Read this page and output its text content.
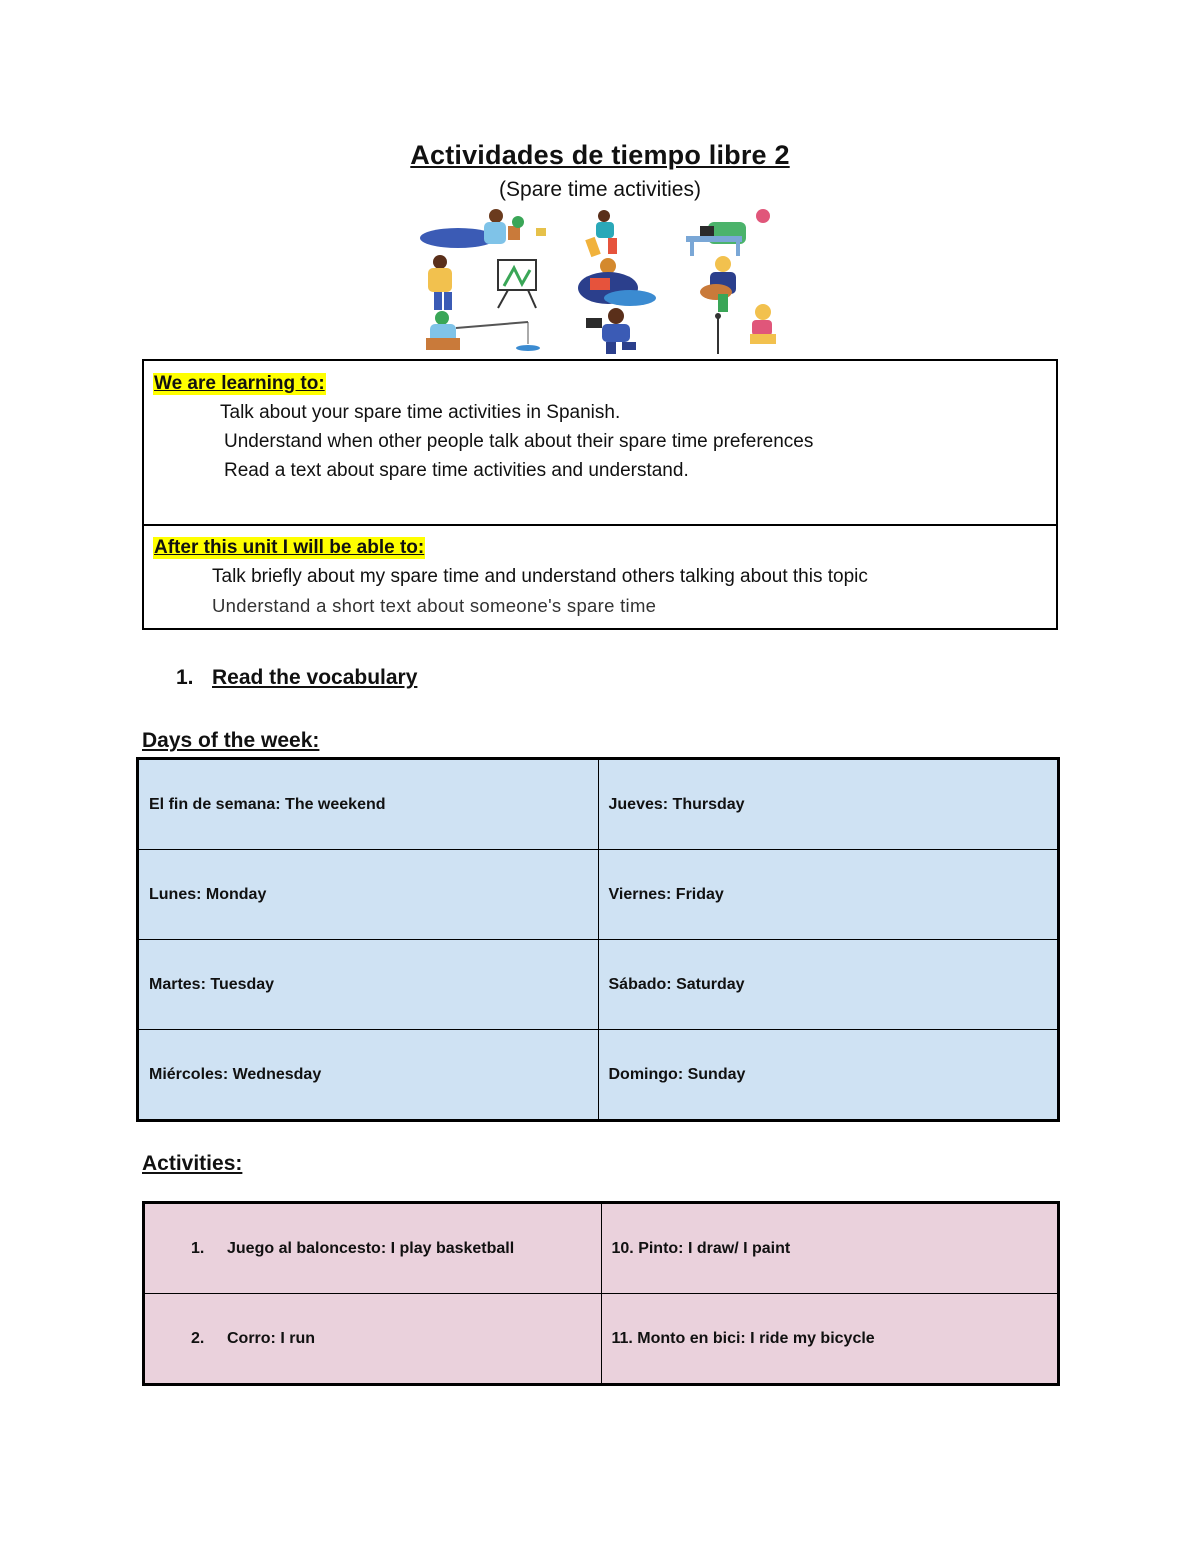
Actividades de tiempo libre 2
(Spare time activities)
We are learning to:
Talk about your spare time activities in Spanish.
Understand when other people talk about their spare time preferences
Read a text about spare time activities and understand.
After this unit I will be able to:
Talk briefly about my spare time and understand others talking about this topic
Understand a short text about someone's spare time
1. Read the vocabulary
Days of the week:
El fin de semana: The weekend	Jueves: Thursday
Lunes: Monday	Viernes: Friday
Martes: Tuesday	Sábado: Saturday
Miércoles: Wednesday	Domingo: Sunday
Activities:
1. Juego al baloncesto: I play basketball	10. Pinto: I draw/ I paint
2. Corro: I run	11. Monto en bici: I ride my bicycle
